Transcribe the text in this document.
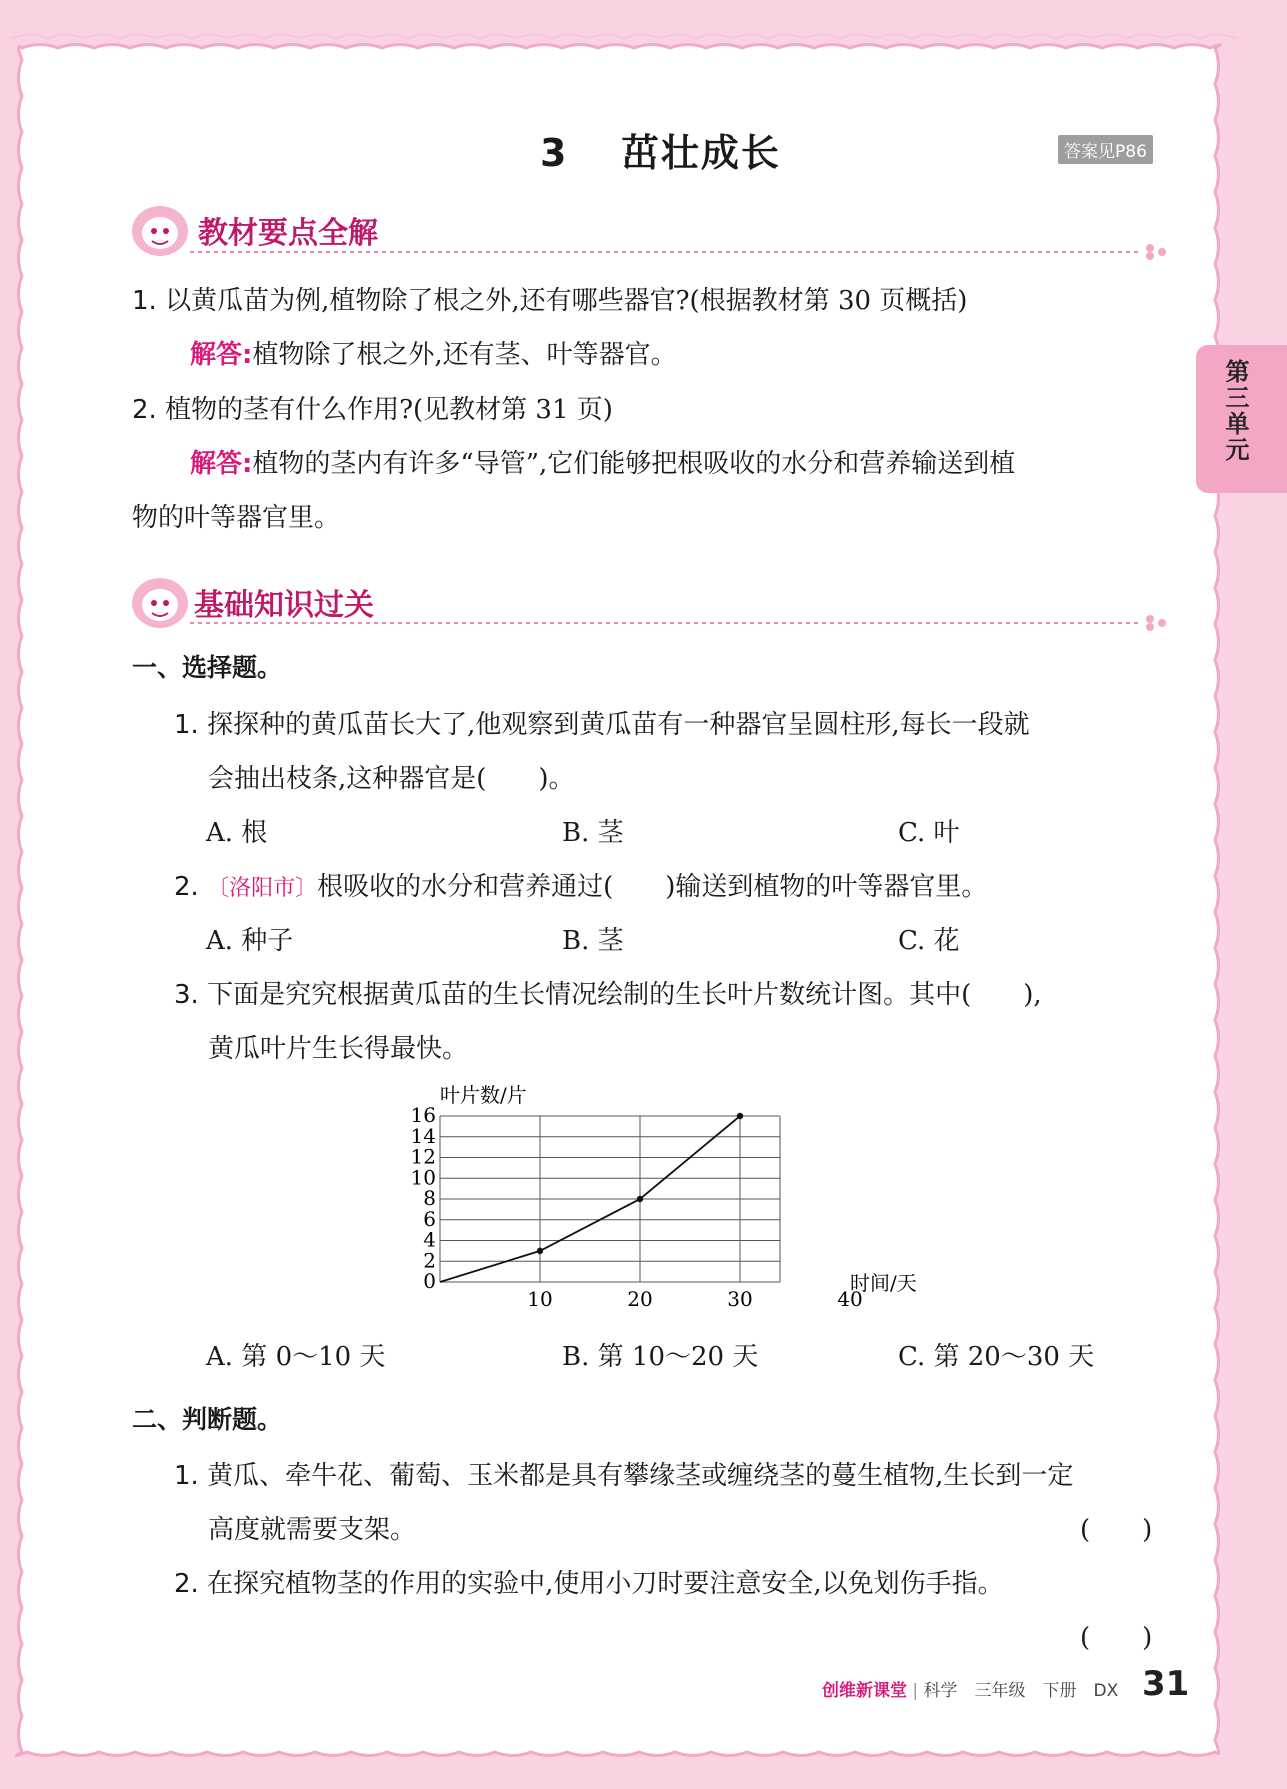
第三单元
3 茁壮成长	答案见P86
教材要点全解
1. 以黄瓜苗为例,植物除了根之外,还有哪些器官?(根据教材第 30 页概括)
解答:植物除了根之外,还有茎、叶等器官。
2. 植物的茎有什么作用?(见教材第 31 页)
解答:植物的茎内有许多“导管”,它们能够把根吸收的水分和营养输送到植
物的叶等器官里。
基础知识过关
一、选择题。
1. 探探种的黄瓜苗长大了,他观察到黄瓜苗有一种器官呈圆柱形,每长一段就
会抽出枝条,这种器官是(　　)。
A. 根	B. 茎	C. 叶
2. 〔洛阳市〕根吸收的水分和营养通过(　　)输送到植物的叶等器官里。
A. 种子	B. 茎	C. 花
3. 下面是究究根据黄瓜苗的生长情况绘制的生长叶片数统计图。其中(　　),
黄瓜叶片生长得最快。
叶片数/片
时间/天
0
2
4
6
8
10
12
14
16
10	20	30	40
A. 第 0～10 天	B. 第 10～20 天	C. 第 20～30 天
二、判断题。
1. 黄瓜、牵牛花、葡萄、玉米都是具有攀缘茎或缠绕茎的蔓生植物,生长到一定
高度就需要支架。	(　　)
2. 在探究植物茎的作用的实验中,使用小刀时要注意安全,以免划伤手指。
(　　)
创维新课堂 | 科学　三年级　下册　DX 31
